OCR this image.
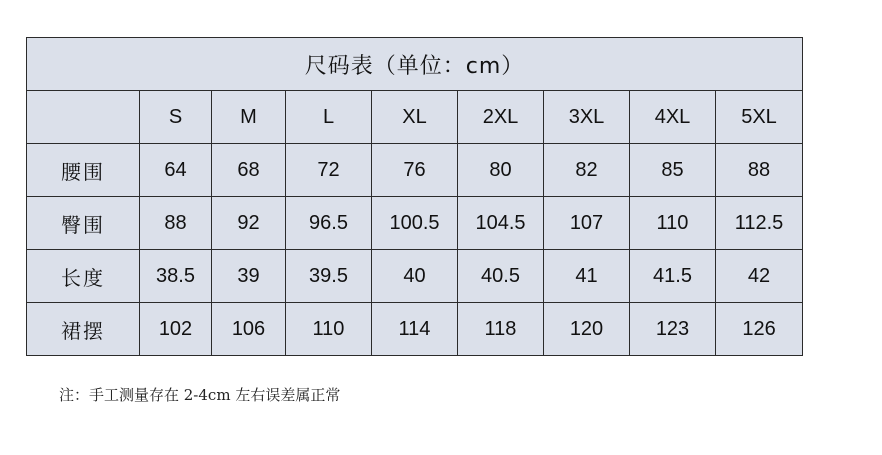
尺码表（单位：cm）								
	S	M	L	XL	2XL	3XL	4XL	5XL
腰围	64	68	72	76	80	82	85	88
臀围	88	92	96.5	100.5	104.5	107	110	112.5
长度	38.5	39	39.5	40	40.5	41	41.5	42
裙摆	102	106	110	114	118	120	123	126
注：手工测量存在 2-4cm 左右误差属正常
